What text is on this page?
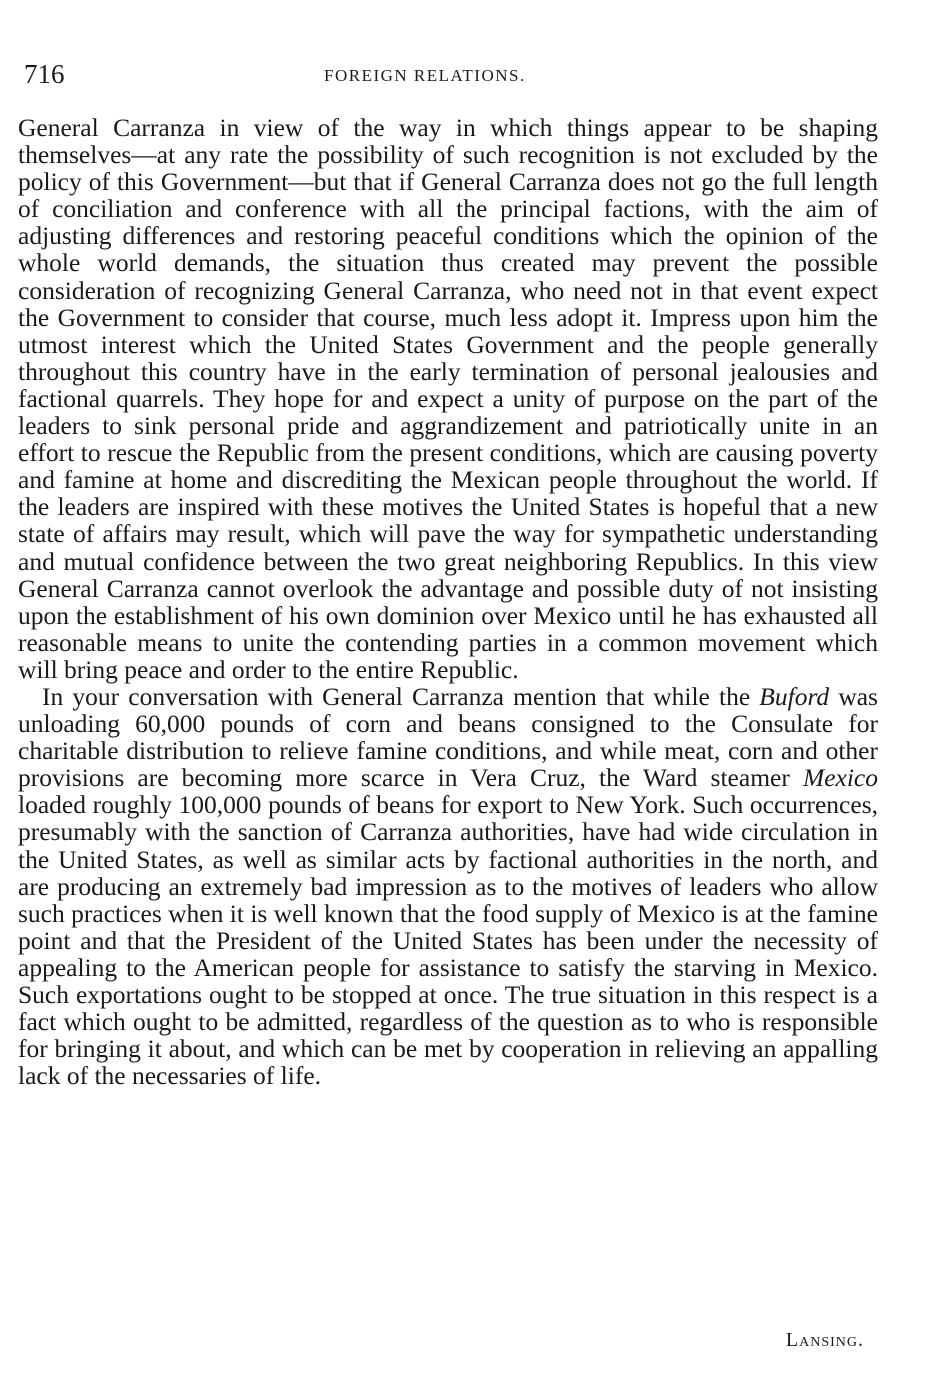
716	FOREIGN RELATIONS.

General Carranza in view of the way in which things appear to be shaping themselves—at any rate the possibility of such recognition is not excluded by the policy of this Government—but that if General Carranza does not go the full length of conciliation and conference with all the principal factions, with the aim of adjusting differences and restoring peaceful conditions which the opinion of the whole world demands, the situation thus created may prevent the possible consideration of recognizing General Carranza, who need not in that event expect the Government to consider that course, much less adopt it. Impress upon him the utmost interest which the United States Government and the people generally throughout this country have in the early termination of personal jealousies and factional quarrels. They hope for and expect a unity of purpose on the part of the leaders to sink personal pride and aggrandizement and patriotically unite in an effort to rescue the Republic from the present conditions, which are causing poverty and famine at home and discrediting the Mexican people throughout the world. If the leaders are inspired with these motives the United States is hopeful that a new state of affairs may result, which will pave the way for sympathetic understanding and mutual confidence between the two great neighboring Republics. In this view General Carranza cannot overlook the advantage and possible duty of not insisting upon the establishment of his own dominion over Mexico until he has exhausted all reasonable means to unite the contending parties in a common movement which will bring peace and order to the entire Republic.

In your conversation with General Carranza mention that while the Buford was unloading 60,000 pounds of corn and beans consigned to the Consulate for charitable distribution to relieve famine conditions, and while meat, corn and other provisions are becoming more scarce in Vera Cruz, the Ward steamer Mexico loaded roughly 100,000 pounds of beans for export to New York. Such occurrences, presumably with the sanction of Carranza authorities, have had wide circulation in the United States, as well as similar acts by factional authorities in the north, and are producing an extremely bad impression as to the motives of leaders who allow such practices when it is well known that the food supply of Mexico is at the famine point and that the President of the United States has been under the necessity of appealing to the American people for assistance to satisfy the starving in Mexico. Such exportations ought to be stopped at once. The true situation in this respect is a fact which ought to be admitted, regardless of the question as to who is responsible for bringing it about, and which can be met by cooperation in relieving an appalling lack of the necessaries of life.

Lansing.
